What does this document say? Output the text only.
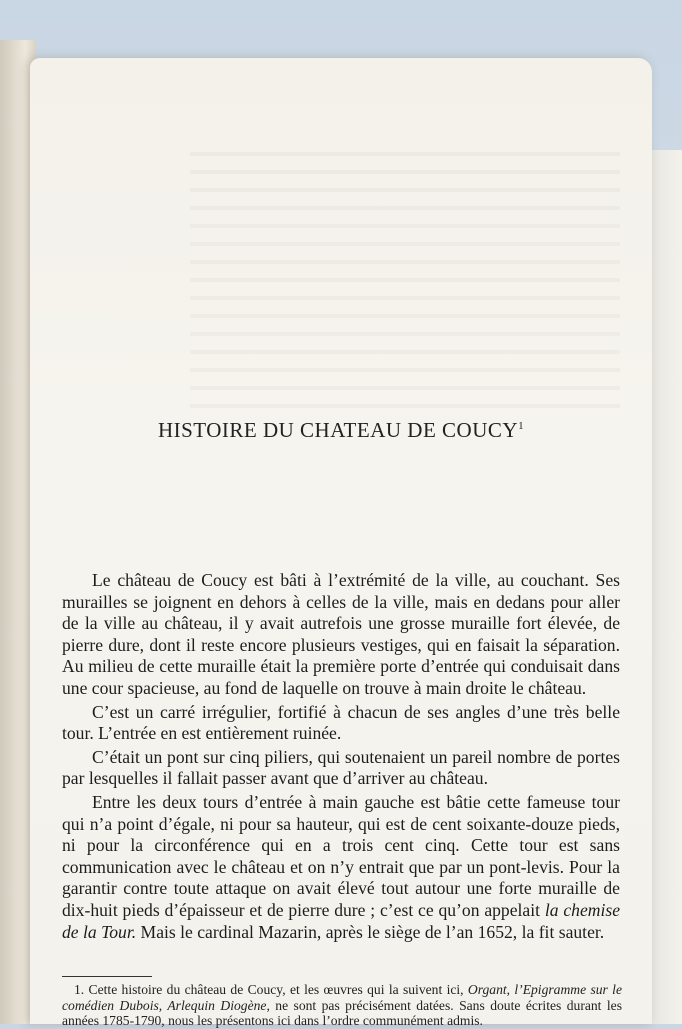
HISTOIRE DU CHATEAU DE COUCY$^1$

Le château de Coucy est bâti à l’extrémité de la ville, au couchant. Ses murailles se joignent en dehors à celles de la ville, mais en dedans pour aller de la ville au château, il y avait autrefois une grosse muraille fort élevée, de pierre dure, dont il reste encore plusieurs vestiges, qui en faisait la séparation. Au milieu de cette muraille était la première porte d’entrée qui conduisait dans une cour spacieuse, au fond de laquelle on trouve à main droite le château.

C’est un carré irrégulier, fortifié à chacun de ses angles d’une très belle tour. L’entrée en est entièrement ruinée.

C’était un pont sur cinq piliers, qui soutenaient un pareil nombre de portes par lesquelles il fallait passer avant que d’arriver au château.

Entre les deux tours d’entrée à main gauche est bâtie cette fameuse tour qui n’a point d’égale, ni pour sa hauteur, qui est de cent soixante-douze pieds, ni pour la circonférence qui en a trois cent cinq. Cette tour est sans communication avec le château et on n’y entrait que par un pont-levis. Pour la garantir contre toute attaque on avait élevé tout autour une forte muraille de dix-huit pieds d’épaisseur et de pierre dure ; c’est ce qu’on appelait la chemise de la Tour. Mais le cardinal Mazarin, après le siège de l’an 1652, la fit sauter.

1. Cette histoire du château de Coucy, et les œuvres qui la suivent ici, Organt, l’Epigramme sur le comédien Dubois, Arlequin Diogène, ne sont pas précisément datées. Sans doute écrites durant les années 1785-1790, nous les présentons ici dans l’ordre communément admis.
